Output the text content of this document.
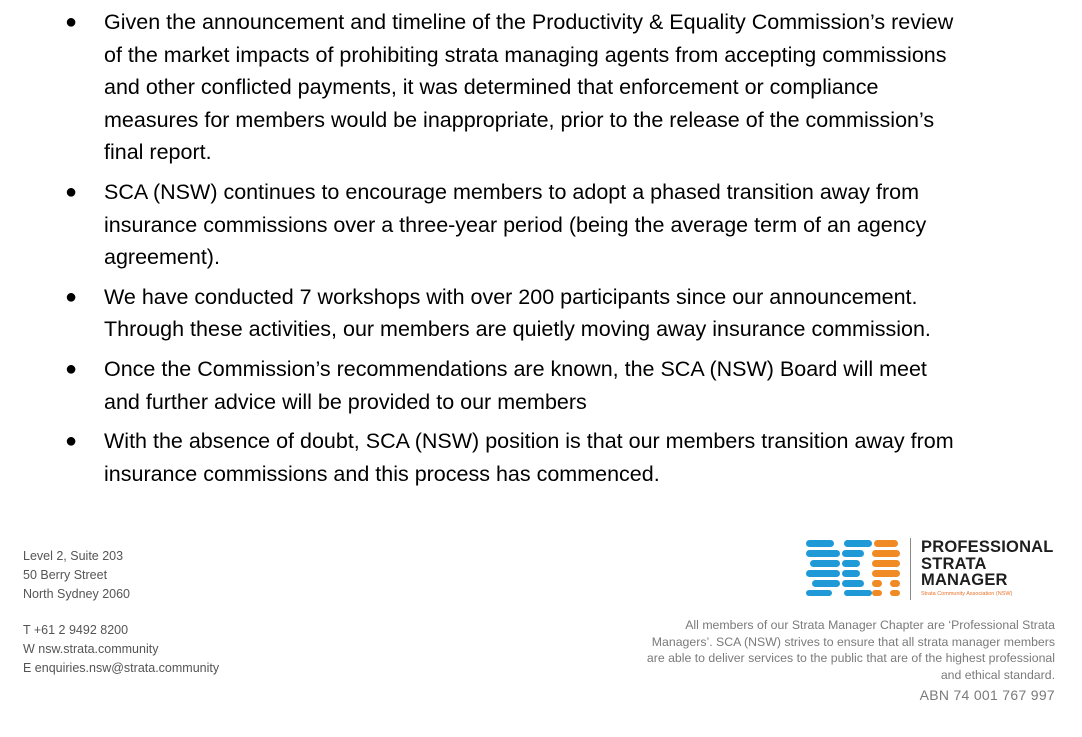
● Given the announcement and timeline of the Productivity & Equality Commission’s review of the market impacts of prohibiting strata managing agents from accepting commissions and other conflicted payments, it was determined that enforcement or compliance measures for members would be inappropriate, prior to the release of the commission’s final report.
● SCA (NSW) continues to encourage members to adopt a phased transition away from insurance commissions over a three-year period (being the average term of an agency agreement).
● We have conducted 7 workshops with over 200 participants since our announcement. Through these activities, our members are quietly moving away insurance commission.
● Once the Commission’s recommendations are known, the SCA (NSW) Board will meet and further advice will be provided to our members
● With the absence of doubt, SCA (NSW) position is that our members transition away from insurance commissions and this process has commenced.
Level 2, Suite 203
50 Berry Street
North Sydney 2060
T +61 2 9492 8200
W nsw.strata.community
E enquiries.nsw@strata.community
PROFESSIONAL
STRATA
MANAGER
Strata Community Association (NSW)
All members of our Strata Manager Chapter are ‘Professional Strata Managers’. SCA (NSW) strives to ensure that all strata manager members are able to deliver services to the public that are of the highest professional and ethical standard.
ABN 74 001 767 997
